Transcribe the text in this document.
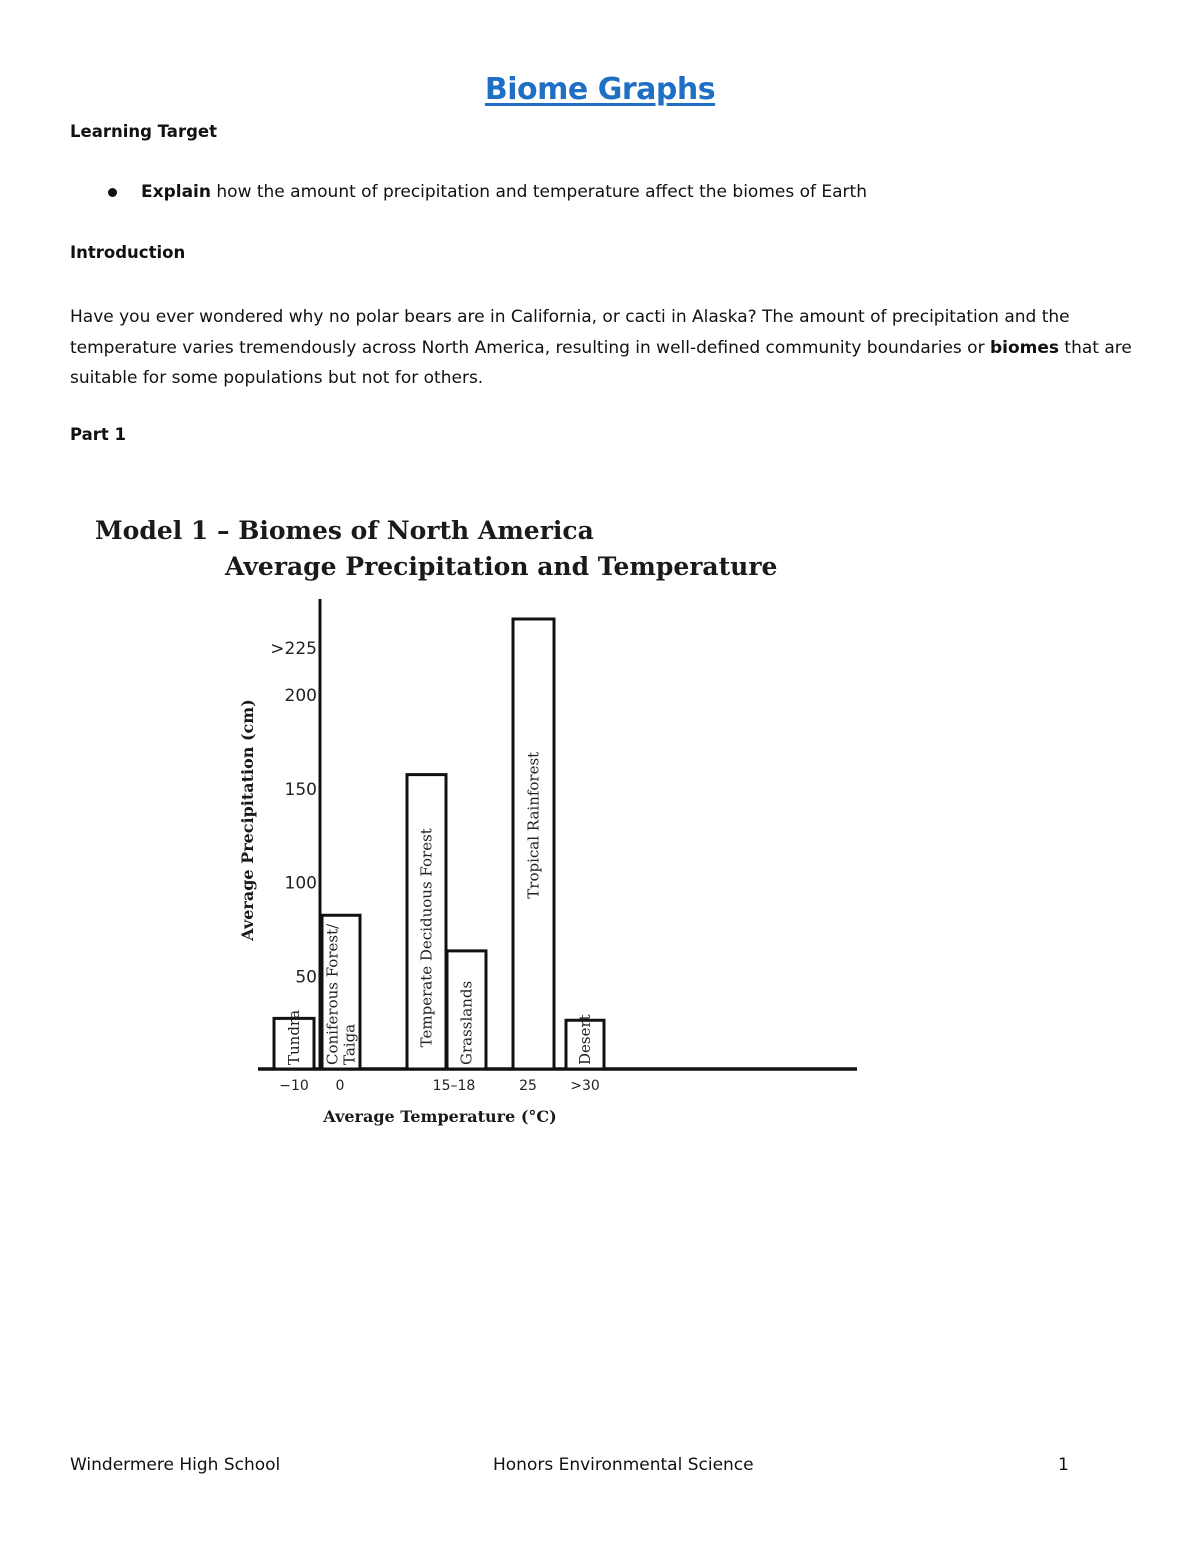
Biome Graphs
Learning Target
Explain how the amount of precipitation and temperature affect the biomes of Earth
Introduction

Have you ever wondered why no polar bears are in California, or cacti in Alaska? The amount of precipitation and the temperature varies tremendously across North America, resulting in well-defined community boundaries or biomes that are suitable for some populations but not for others.

Part 1
Model 1 – Biomes of North America
Average Precipitation and Temperature
Average Precipitation (cm)
Average Temperature (°C)
50
100
150
200
>225
Tundra Coniferous Forest/ Taiga	Temperate Deciduous Forest Grasslands
Tropical Rainforest
Desert
−10 0	15–18	25 >30
Windermere High School	Honors Environmental Science	1
